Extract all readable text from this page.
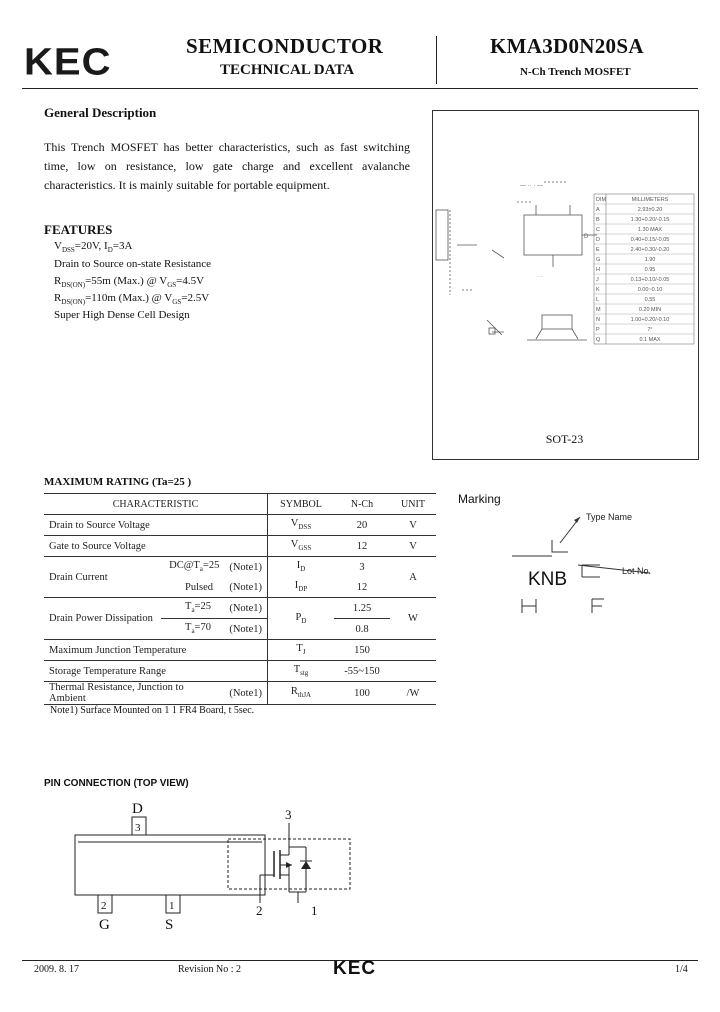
KEC	SEMICONDUCTOR
TECHNICAL DATA
KMA3D0N20SA
N-Ch Trench MOSFET
General Description
This Trench MOSFET has better characteristics, such as fast switching time, low on resistance, low gate charge and excellent avalanche characteristics. It is mainly suitable for portable equipment.
FEATURES
$V_{DSS}=20V$, $I_D=3A$
Drain to Source on-state Resistance
$R_{DS(ON)}=55m$ (Max.) @ $V_{GS}=4.5V$
$R_{DS(ON)}=110m$ (Max.) @ $V_{GS}=2.5V$
Super High Dense Cell Design
— ·· · —
D
· ·
DIM	MILLIMETERS
A	2.93±0.20
B	1.30+0.20/-0.15
C	1.30 MAX
D	0.40+0.15/-0.05
E	2.40+0.30/-0.20
G	1.90
H	0.95
J	0.13+0.10/-0.05
K	0.00~0.10
L	0.55
M	0.20 MIN
N	1.00+0.20/-0.10
P	7°
Q	0.1 MAX
SOT-23
MAXIMUM RATING (Ta=25 )
CHARACTERISTIC			SYMBOL	N-Ch	UNIT
Drain to Source Voltage			$V_{DSS}$	20	V
Gate to Source Voltage			$V_{GSS}$	12	V
Drain Current	$DC@T_a=25$	(Note1)	$I_D$	3	A
	Pulsed	(Note1)	$I_{DP}$	12	
Drain Power Dissipation	$T_a=25$	(Note1)	$P_D$	1.25	W
	$T_a=70$	(Note1)		0.8	
Maximum Junction Temperature			$T_J$	150	
Storage Temperature Range			$T_{stg}$	-55~150	
Thermal Resistance, Junction to Ambient		(Note1)	$R_{thJA}$	100	/W
Note1) Surface Mounted on 1 1 FR4 Board, t 5sec.
Marking
KNB
Type Name
Lot No.
PIN CONNECTION (TOP VIEW)
D
3
2	1
G	S
3
2	1
2009. 8. 17	Revision No : 2	KEC	1/4
